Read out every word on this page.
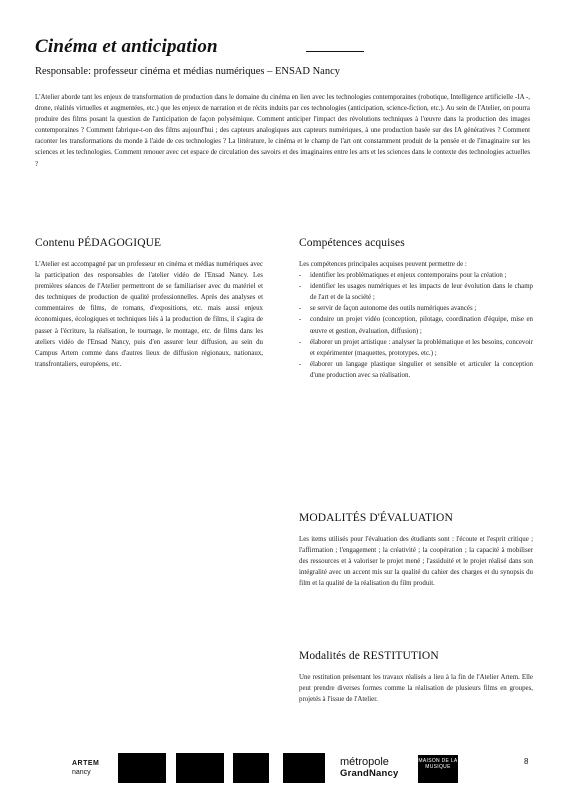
Cinéma et anticipation
Responsable: professeur cinéma et médias numériques – ENSAD Nancy
L'Atelier aborde tant les enjeux de transformation de production dans le domaine du cinéma en lien avec les technologies contemporaines (robotique, Intelligence artificielle -IA -, drone, réalités virtuelles et augmentées, etc.) que les enjeux de narration et de récits induits par ces technologies (anticipation, science-fiction, etc.). Au sein de l'Atelier, on pourra produire des films posant la question de l'anticipation de façon polysémique. Comment anticiper l'impact des révolutions techniques à l'œuvre dans la production des images contemporaines ? Comment fabrique-t-on des films aujourd'hui ; des capteurs analogiques aux capteurs numériques, à une production basée sur des IA génératives ? Comment raconter les transformations du monde à l'aide de ces technologies ? La littérature, le cinéma et le champ de l'art ont constamment produit de la pensée et de l'imaginaire sur les sciences et les technologies. Comment renouer avec cet espace de circulation des savoirs et des imaginaires entre les arts et les sciences dans le contexte des technologies actuelles ?
Contenu PÉDAGOGIQUE

L'Atelier est accompagné par un professeur en cinéma et médias numériques avec la participation des responsables de l'atelier vidéo de l'Ensad Nancy. Les premières séances de l'Atelier permettront de se familiariser avec du matériel et des techniques de production de qualité professionnelles. Après des analyses et commentaires de films, de romans, d'expositions, etc. mais aussi enjeux économiques, écologiques et techniques liés à la production de films, il s'agira de passer à l'écriture, la réalisation, le tournage, le montage, etc. de films dans les ateliers vidéo de l'Ensad Nancy, puis d'en assurer leur diffusion, au sein du Campus Artem comme dans d'autres lieux de diffusion régionaux, nationaux, transfrontaliers, européens, etc.

Compétences acquises

Les compétences principales acquises peuvent permettre de :

- identifier les problématiques et enjeux contemporains pour la création ;
- identifier les usages numériques et les impacts de leur évolution dans le champ de l'art et de la société ;
- se servir de façon autonome des outils numériques avancés ;
- conduire un projet vidéo (conception, pilotage, coordination d'équipe, mise en œuvre et gestion, évaluation, diffusion) ;
- élaborer un projet artistique : analyser la problématique et les besoins, concevoir et expérimenter (maquettes, prototypes, etc.) ;
- élaborer un langage plastique singulier et sensible et articuler la conception d'une production avec sa réalisation.
MODALITÉS D'ÉVALUATION

Les items utilisés pour l'évaluation des étudiants sont : l'écoute et l'esprit critique ; l'affirmation ; l'engagement ; la créativité ; la coopération ; la capacité à mobiliser des ressources et à valoriser le projet mené ; l'assiduité et le projet réalisé dans son intégralité avec un accent mis sur la qualité du cahier des charges et du synopsis du film et la qualité de la réalisation du film produit.

Modalités de RESTITUTION

Une restitution présentant les travaux réalisés a lieu à la fin de l'Atelier Artem. Elle peut prendre diverses formes comme la réalisation de plusieurs films en groupes, projetés à l'issue de l'Atelier.

8
ARTEM
nancy
métropole
GrandNancy
MAISON DE LA MUSIQUE
